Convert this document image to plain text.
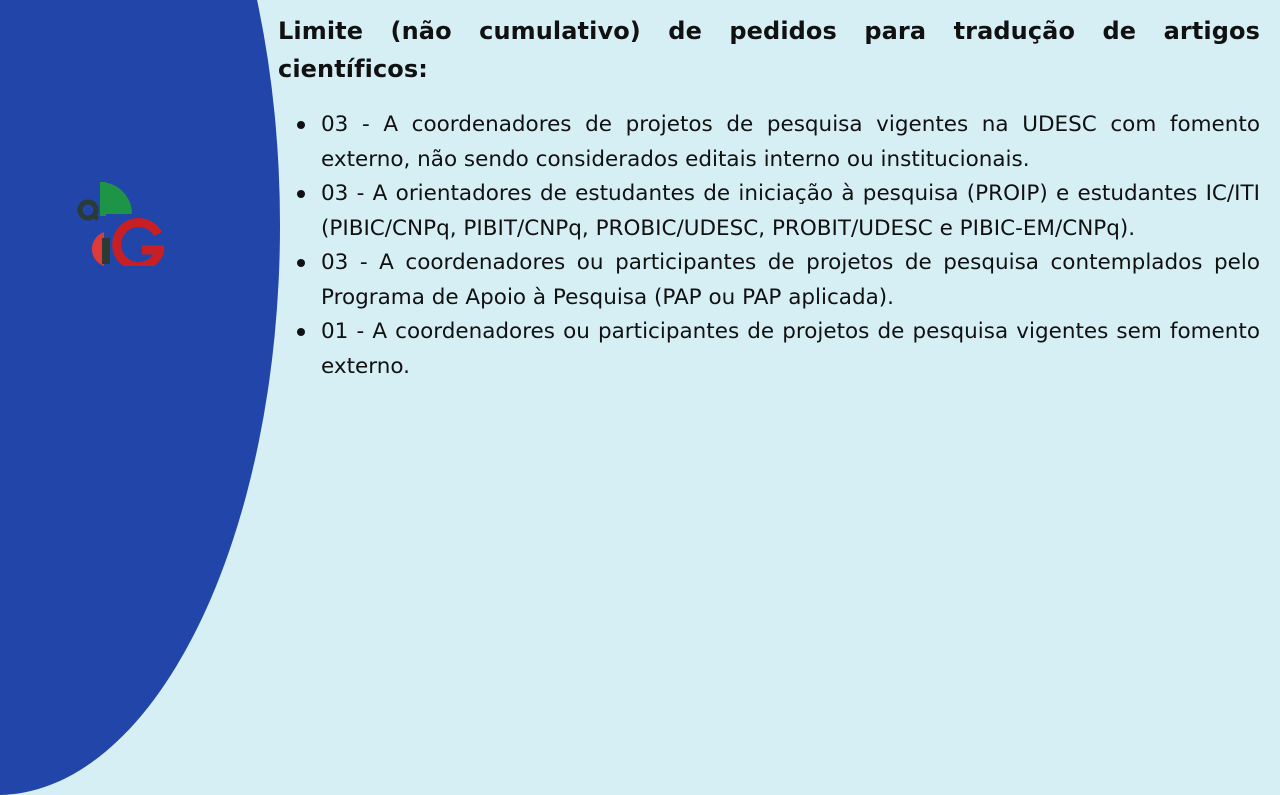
Limite (não cumulativo) de pedidos para tradução de artigos científicos:
03 - A coordenadores de projetos de pesquisa vigentes na UDESC com fomento externo, não sendo considerados editais interno ou institucionais.
03 - A orientadores de estudantes de iniciação à pesquisa (PROIP) e estudantes IC/ITI (PIBIC/CNPq, PIBIT/CNPq, PROBIC/UDESC, PROBIT/UDESC e PIBIC-EM/CNPq).
03 - A coordenadores ou participantes de projetos de pesquisa contemplados pelo Programa de Apoio à Pesquisa (PAP ou PAP aplicada).
01 - A coordenadores ou participantes de projetos de pesquisa vigentes sem fomento externo.
